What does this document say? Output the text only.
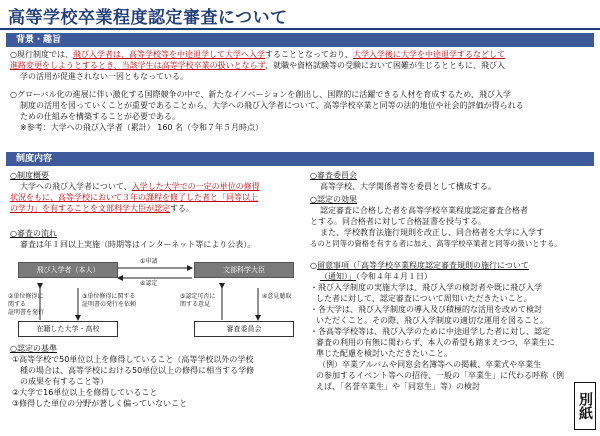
高等学校卒業程度認定審査について
背景・趣旨
○現行制度では、飛び入学者は、高等学校等を中途退学して大学へ入学することとなっており、大学入学後に大学を中途退学するなどして
進路変更をしようとするとき、当該学生は高等学校卒業の扱いとならず、就職や資格試験等の受験において困難が生じるとともに、飛び入
学の活用が促進されない一因ともなっている。
○グローバル化の進展に伴い激化する国際競争の中で、新たなイノベーションを創出し、国際的に活躍できる人材を育成するため、飛び入学
制度の活用を図っていくことが重要であることから、大学への飛び入学者について、高等学校卒業と同等の法的地位や社会的評価が得られる
ための仕組みを構築することが必要である。
※参考：大学への飛び入学者（累計） 160 名（令和７年５月時点）
制度内容
○制度概要
大学への飛び入学者について、入学した大学での一定の単位の修得
状況をもに、高等学校において３年の課程を修了した者と「同等以上
の学力」を有することを文部科学大臣が認定する。
○審査の流れ
審査は年１回以上実施（時期等はインターネット等により公表）。
飛び入学者（本人）	文部科学大臣
①申請
⑥認定
②単位修得に関する
証明書を発行
③単位修得に関する
証明書の発行を依頼
⑤認定可否に
関する意見
④意見聴取
在籍した大学・高校	審査委員会
○認定の基準
①高等学校で50単位以上を修得していること（高等学校以外の学校
種の場合は、高等学校における50単位以上の修得に相当する学修
の成果を有すること等）
②大学で16単位以上を修得していること
③修得した単位の分野が著しく偏っていないこと
○審査委員会
高等学校、大学関係者等を委員として構成する。
○認定の効果
認定審査に合格した者を高等学校卒業程度認定審査合格者
とする。同合格者に対して合格証書を授与する。
また、学校教育法施行規則を改正し、同合格者を大学に入学す
るのと同等の資格を有する者に加え、高等学校卒業者と同等の扱いとする。
○留意事項（「高等学校卒業程度認定審査規則の施行について
（通知）」（令和４年４月１日）
・飛び入学制度の実施大学は、飛び入学の検討者や既に飛び入学
した者に対して、認定審査について周知いただきたいこと。
・各大学は、飛び入学制度の導入及び積極的な活用を改めて検討
いただくこと。その際、飛び入学制度の適切な運用を図ること。
・各高等学校等は、飛び入学のために中途退学した者に対し、認定
審査の利用の有無に関わらず、本人の希望も踏まえつつ、卒業生に
準じた配慮を検討いただきたいこと。
（例）卒業アルバムや同窓会名簿等への掲載、卒業式や卒業生
の参加するイベント等への招待、一般の「卒業生」に代わる呼称（例
えば、「名誉卒業生」や「同窓生」等）の検討
別紙
